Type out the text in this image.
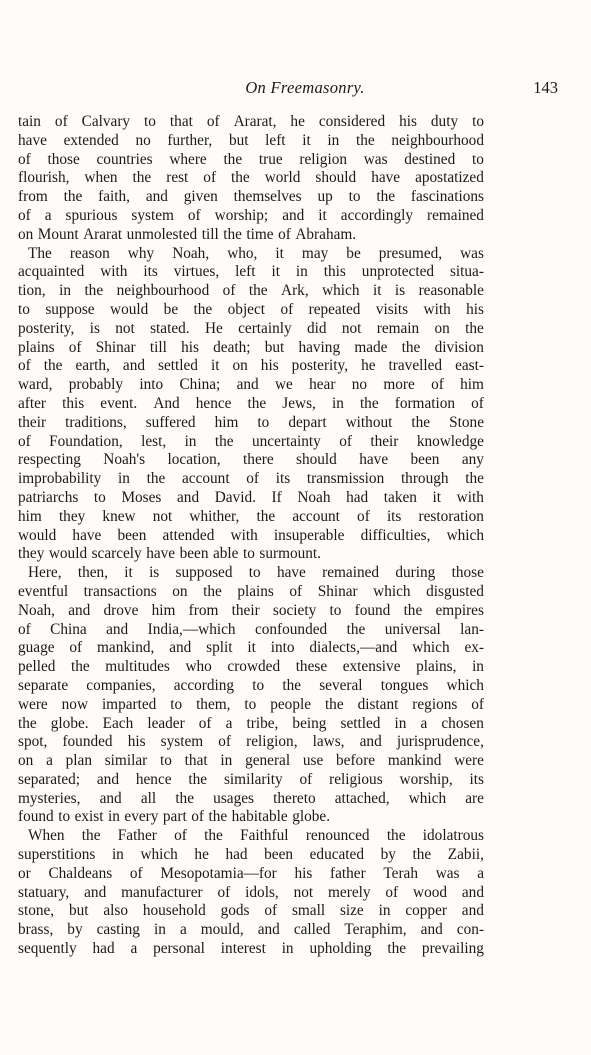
On Freemasonry.	143
tain of Calvary to that of Ararat, he considered his duty to
have extended no further, but left it in the neighbourhood
of those countries where the true religion was destined to
flourish, when the rest of the world should have apostatized
from the faith, and given themselves up to the fascinations
of a spurious system of worship; and it accordingly remained
on Mount Ararat unmolested till the time of Abraham.
The reason why Noah, who, it may be presumed, was
acquainted with its virtues, left it in this unprotected situa-
tion, in the neighbourhood of the Ark, which it is reasonable
to suppose would be the object of repeated visits with his
posterity, is not stated. He certainly did not remain on the
plains of Shinar till his death; but having made the division
of the earth, and settled it on his posterity, he travelled east-
ward, probably into China; and we hear no more of him
after this event. And hence the Jews, in the formation of
their traditions, suffered him to depart without the Stone
of Foundation, lest, in the uncertainty of their knowledge
respecting Noah's location, there should have been any
improbability in the account of its transmission through the
patriarchs to Moses and David. If Noah had taken it with
him they knew not whither, the account of its restoration
would have been attended with insuperable difficulties, which
they would scarcely have been able to surmount.
Here, then, it is supposed to have remained during those
eventful transactions on the plains of Shinar which disgusted
Noah, and drove him from their society to found the empires
of China and India,—which confounded the universal lan-
guage of mankind, and split it into dialects,—and which ex-
pelled the multitudes who crowded these extensive plains, in
separate companies, according to the several tongues which
were now imparted to them, to people the distant regions of
the globe. Each leader of a tribe, being settled in a chosen
spot, founded his system of religion, laws, and jurisprudence,
on a plan similar to that in general use before mankind were
separated; and hence the similarity of religious worship, its
mysteries, and all the usages thereto attached, which are
found to exist in every part of the habitable globe.
When the Father of the Faithful renounced the idolatrous
superstitions in which he had been educated by the Zabii,
or Chaldeans of Mesopotamia—for his father Terah was a
statuary, and manufacturer of idols, not merely of wood and
stone, but also household gods of small size in copper and
brass, by casting in a mould, and called Teraphim, and con-
sequently had a personal interest in upholding the prevailing
